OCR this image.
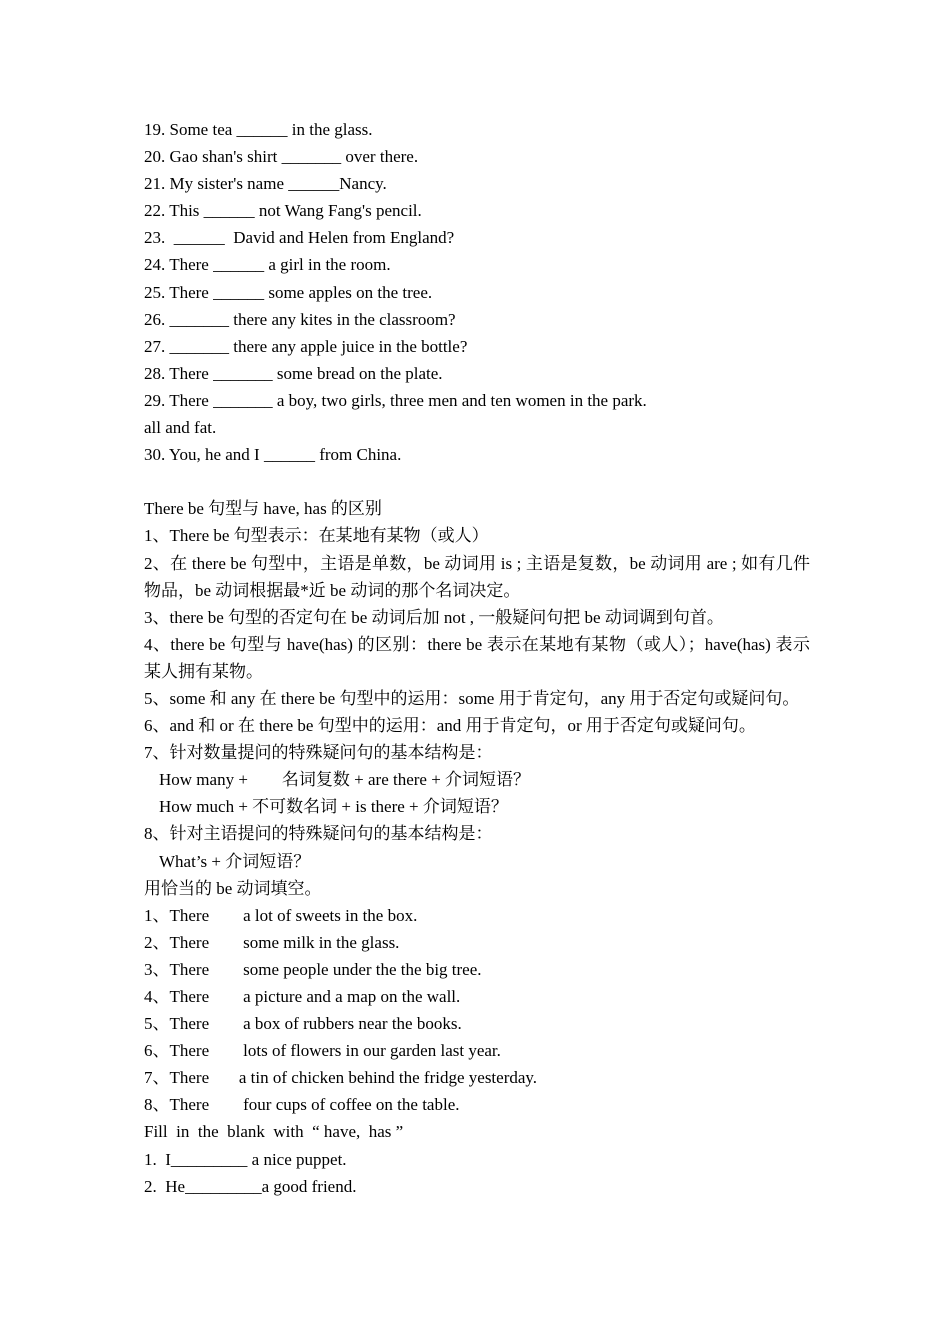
19. Some tea ______ in the glass.

20. Gao shan's shirt _______ over there.

21. My sister's name ______Nancy.

22. This ______ not Wang Fang's pencil.

23.  ______  David and Helen from England?

24. There ______ a girl in the room.

25. There ______ some apples on the tree.

26. _______ there any kites in the classroom?

27. _______ there any apple juice in the bottle?

28. There _______ some bread on the plate.

29. There _______ a boy, two girls, three men and ten women in the park.

all and fat.

30. You, he and I ______ from China.

There be 句型与 have, has 的区别

1、There be 句型表示：在某地有某物（或人）

2、在 there be 句型中，主语是单数，be 动词用 is ; 主语是复数，be 动词用 are ; 如有几件物品，be 动词根据最*近 be 动词的那个名词决定。

3、there be 句型的否定句在 be 动词后加 not , 一般疑问句把 be 动词调到句首。

4、there be 句型与 have(has) 的区别：there be 表示在某地有某物（或人）；have(has) 表示某人拥有某物。

5、some 和 any 在 there be 句型中的运用：some 用于肯定句，any 用于否定句或疑问句。

6、and 和 or 在 there be 句型中的运用：and 用于肯定句，or 用于否定句或疑问句。

7、针对数量提问的特殊疑问句的基本结构是：

How many +        名词复数 + are there + 介词短语？

How much + 不可数名词 + is there + 介词短语？

8、针对主语提问的特殊疑问句的基本结构是：

What’s + 介词短语？

用恰当的 be 动词填空。

1、There        a lot of sweets in the box.

2、There        some milk in the glass.

3、There        some people under the the big tree.

4、There        a picture and a map on the wall.

5、There        a box of rubbers near the books.

6、There        lots of flowers in our garden last year.

7、There       a tin of chicken behind the fridge yesterday.

8、There        four cups of coffee on the table.

Fill  in  the  blank  with  “ have,  has ”

1.  I_________ a nice puppet.

2.  He_________a good friend.
